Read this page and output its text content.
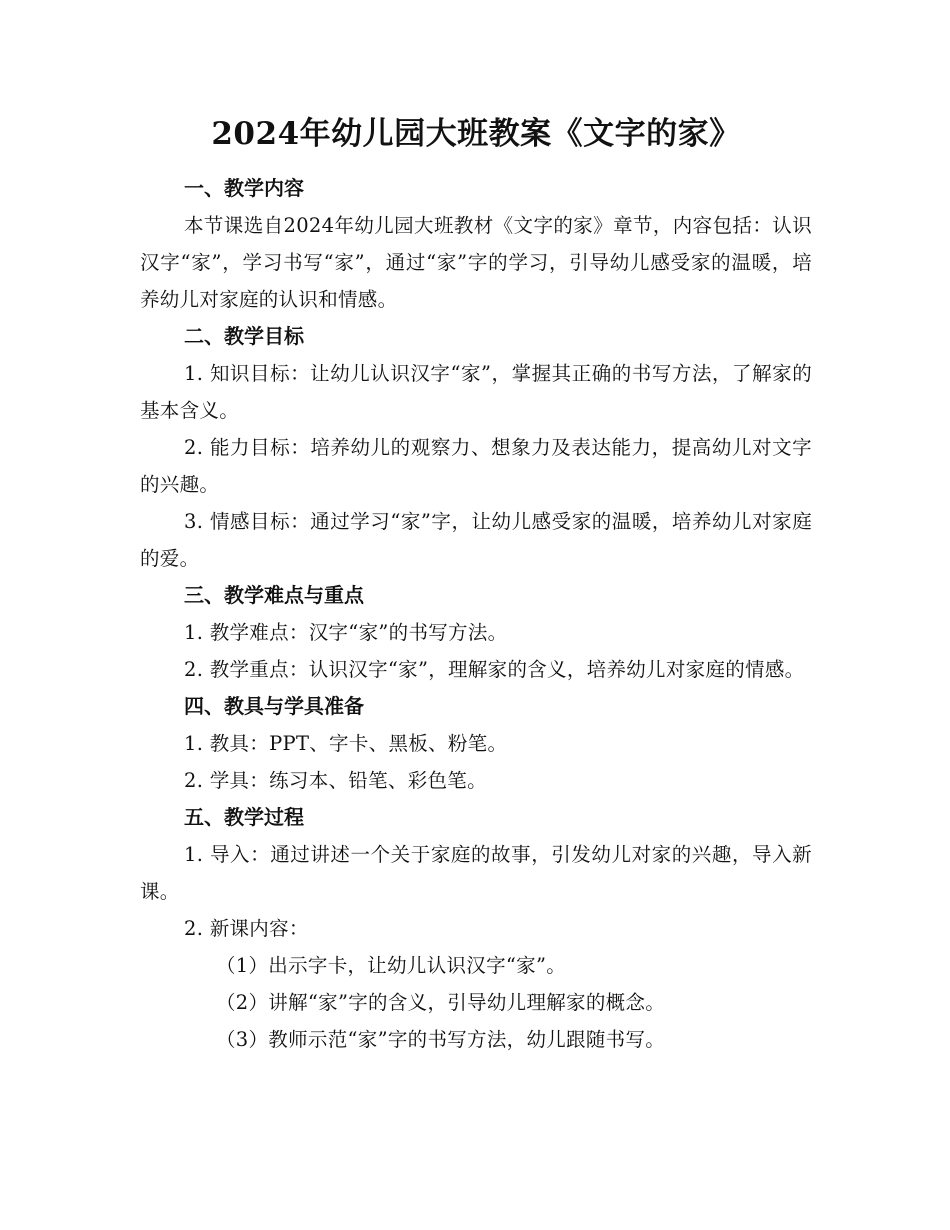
2024年幼儿园大班教案《文字的家》

一、教学内容

本节课选自2024年幼儿园大班教材《文字的家》章节，内容包括：认识汉字“家”，学习书写“家”，通过“家”字的学习，引导幼儿感受家的温暖，培养幼儿对家庭的认识和情感。

二、教学目标

1. 知识目标：让幼儿认识汉字“家”，掌握其正确的书写方法，了解家的基本含义。

2. 能力目标：培养幼儿的观察力、想象力及表达能力，提高幼儿对文字的兴趣。

3. 情感目标：通过学习“家”字，让幼儿感受家的温暖，培养幼儿对家庭的爱。

三、教学难点与重点

1. 教学难点：汉字“家”的书写方法。

2. 教学重点：认识汉字“家”，理解家的含义，培养幼儿对家庭的情感。

四、教具与学具准备

1. 教具：PPT、字卡、黑板、粉笔。

2. 学具：练习本、铅笔、彩色笔。

五、教学过程

1. 导入：通过讲述一个关于家庭的故事，引发幼儿对家的兴趣，导入新课。

2. 新课内容：

（1）出示字卡，让幼儿认识汉字“家”。

（2）讲解“家”字的含义，引导幼儿理解家的概念。

（3）教师示范“家”字的书写方法，幼儿跟随书写。
